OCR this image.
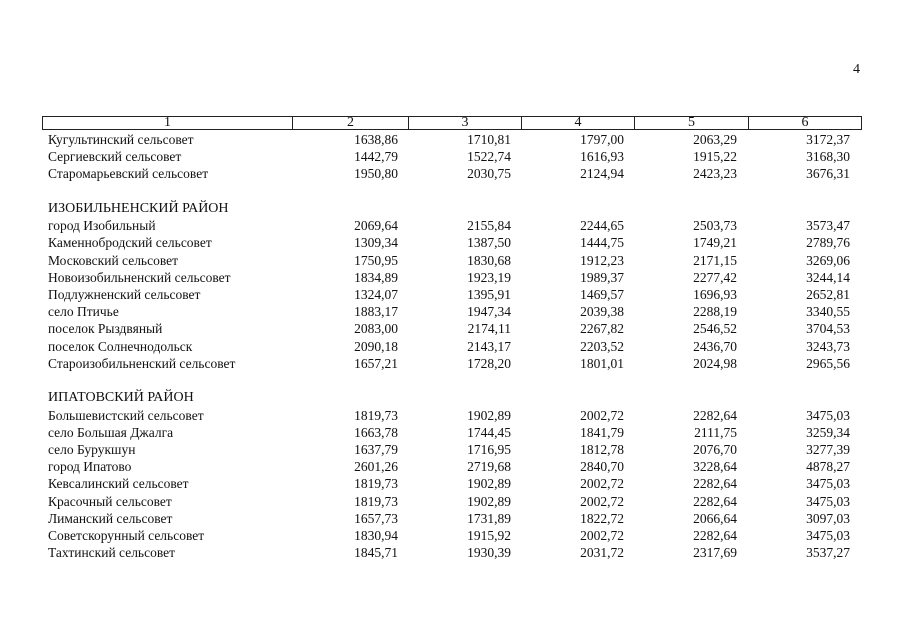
4
1	2	3	4	5	6
Кугультинский сельсовет	1638,86	1710,81	1797,00	2063,29	3172,37
Сергиевский сельсовет	1442,79	1522,74	1616,93	1915,22	3168,30
Старомарьевский сельсовет	1950,80	2030,75	2124,94	2423,23	3676,31
ИЗОБИЛЬНЕНСКИЙ РАЙОН
город Изобильный	2069,64	2155,84	2244,65	2503,73	3573,47
Каменнобродский сельсовет	1309,34	1387,50	1444,75	1749,21	2789,76
Московский сельсовет	1750,95	1830,68	1912,23	2171,15	3269,06
Новоизобильненский сельсовет	1834,89	1923,19	1989,37	2277,42	3244,14
Подлужненский сельсовет	1324,07	1395,91	1469,57	1696,93	2652,81
село Птичье	1883,17	1947,34	2039,38	2288,19	3340,55
поселок Рыздвяный	2083,00	2174,11	2267,82	2546,52	3704,53
поселок Солнечнодольск	2090,18	2143,17	2203,52	2436,70	3243,73
Староизобильненский сельсовет	1657,21	1728,20	1801,01	2024,98	2965,56
ИПАТОВСКИЙ РАЙОН
Большевистский сельсовет	1819,73	1902,89	2002,72	2282,64	3475,03
село Большая Джалга	1663,78	1744,45	1841,79	2111,75	3259,34
село Бурукшун	1637,79	1716,95	1812,78	2076,70	3277,39
город Ипатово	2601,26	2719,68	2840,70	3228,64	4878,27
Кевсалинский сельсовет	1819,73	1902,89	2002,72	2282,64	3475,03
Красочный сельсовет	1819,73	1902,89	2002,72	2282,64	3475,03
Лиманский сельсовет	1657,73	1731,89	1822,72	2066,64	3097,03
Советскорунный сельсовет	1830,94	1915,92	2002,72	2282,64	3475,03
Тахтинский сельсовет	1845,71	1930,39	2031,72	2317,69	3537,27
